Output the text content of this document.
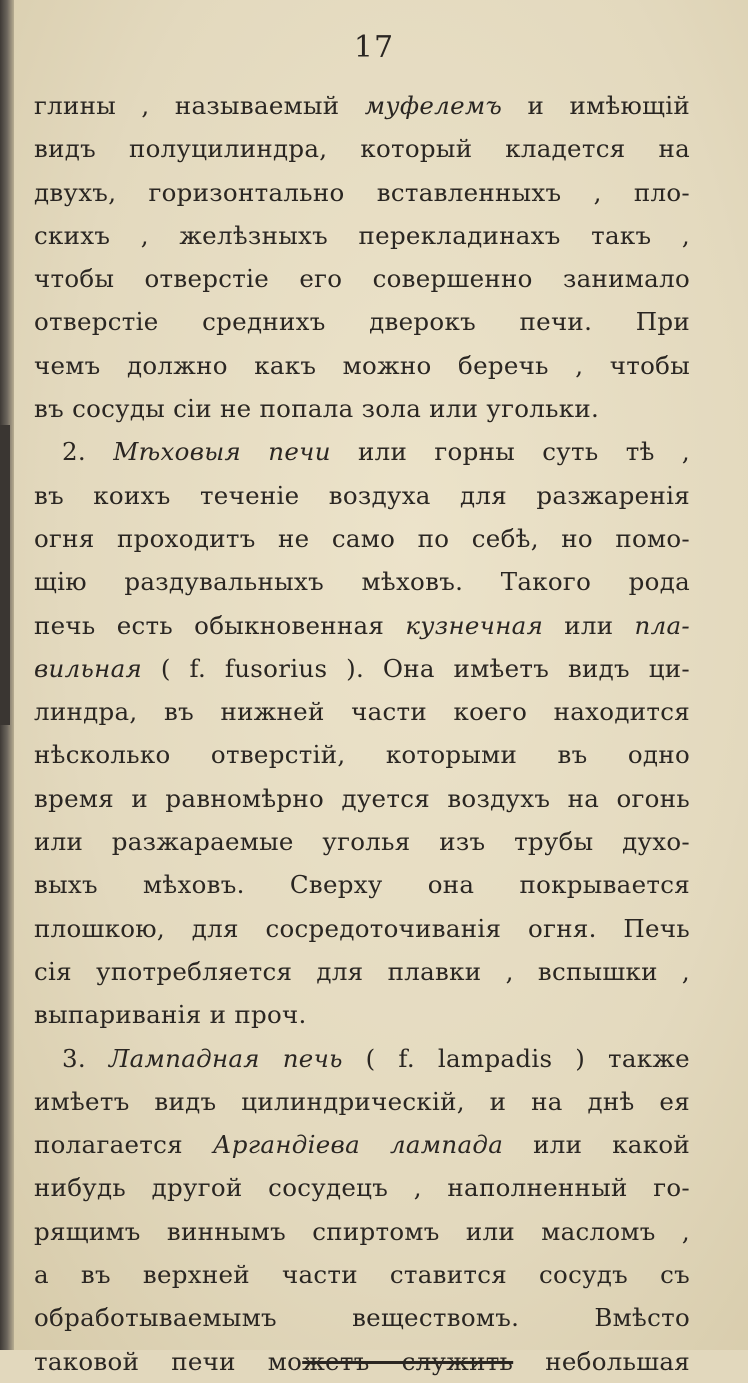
17
глины , называемый муфелемъ и имѣющій
видъ полуцилиндра, который кладется на
двухъ, горизонтально вставленныхъ , пло-
скихъ , желѣзныхъ перекладинахъ такъ ,
чтобы отверстіе его совершенно занимало
отверстіе среднихъ дверокъ печи. При
чемъ должно какъ можно беречь , чтобы
въ сосуды сіи не попала зола или угольки.
2. Мѣховыя печи или горны суть тѣ ,
въ коихъ теченіе воздуха для разжаренія
огня проходитъ не само по себѣ, но помо-
щію раздувальныхъ мѣховъ. Такого рода
печь есть обыкновенная кузнечная или пла-
вильная ( f. fusorius ). Она имѣетъ видъ ци-
линдра, въ нижней части коего находится
нѣсколько отверстій, которыми въ одно
время и равномѣрно дуется воздухъ на огонь
или разжараемые уголья изъ трубы духо-
выхъ мѣховъ. Сверху она покрывается
плошкою, для сосредоточиванія огня. Печь
сія употребляется для плавки , вспышки ,
выпариванія и проч.
3. Лампадная печь ( f. lampadis ) также
имѣетъ видъ цилиндрическій, и на днѣ ея
полагается Аргандіева лампада или какой
нибудь другой сосудецъ , наполненный го-
рящимъ виннымъ спиртомъ или масломъ ,
а въ верхней части ставится сосудъ съ
обработываемымъ веществомъ. Вмѣсто
таковой печи можетъ служить небольшая
